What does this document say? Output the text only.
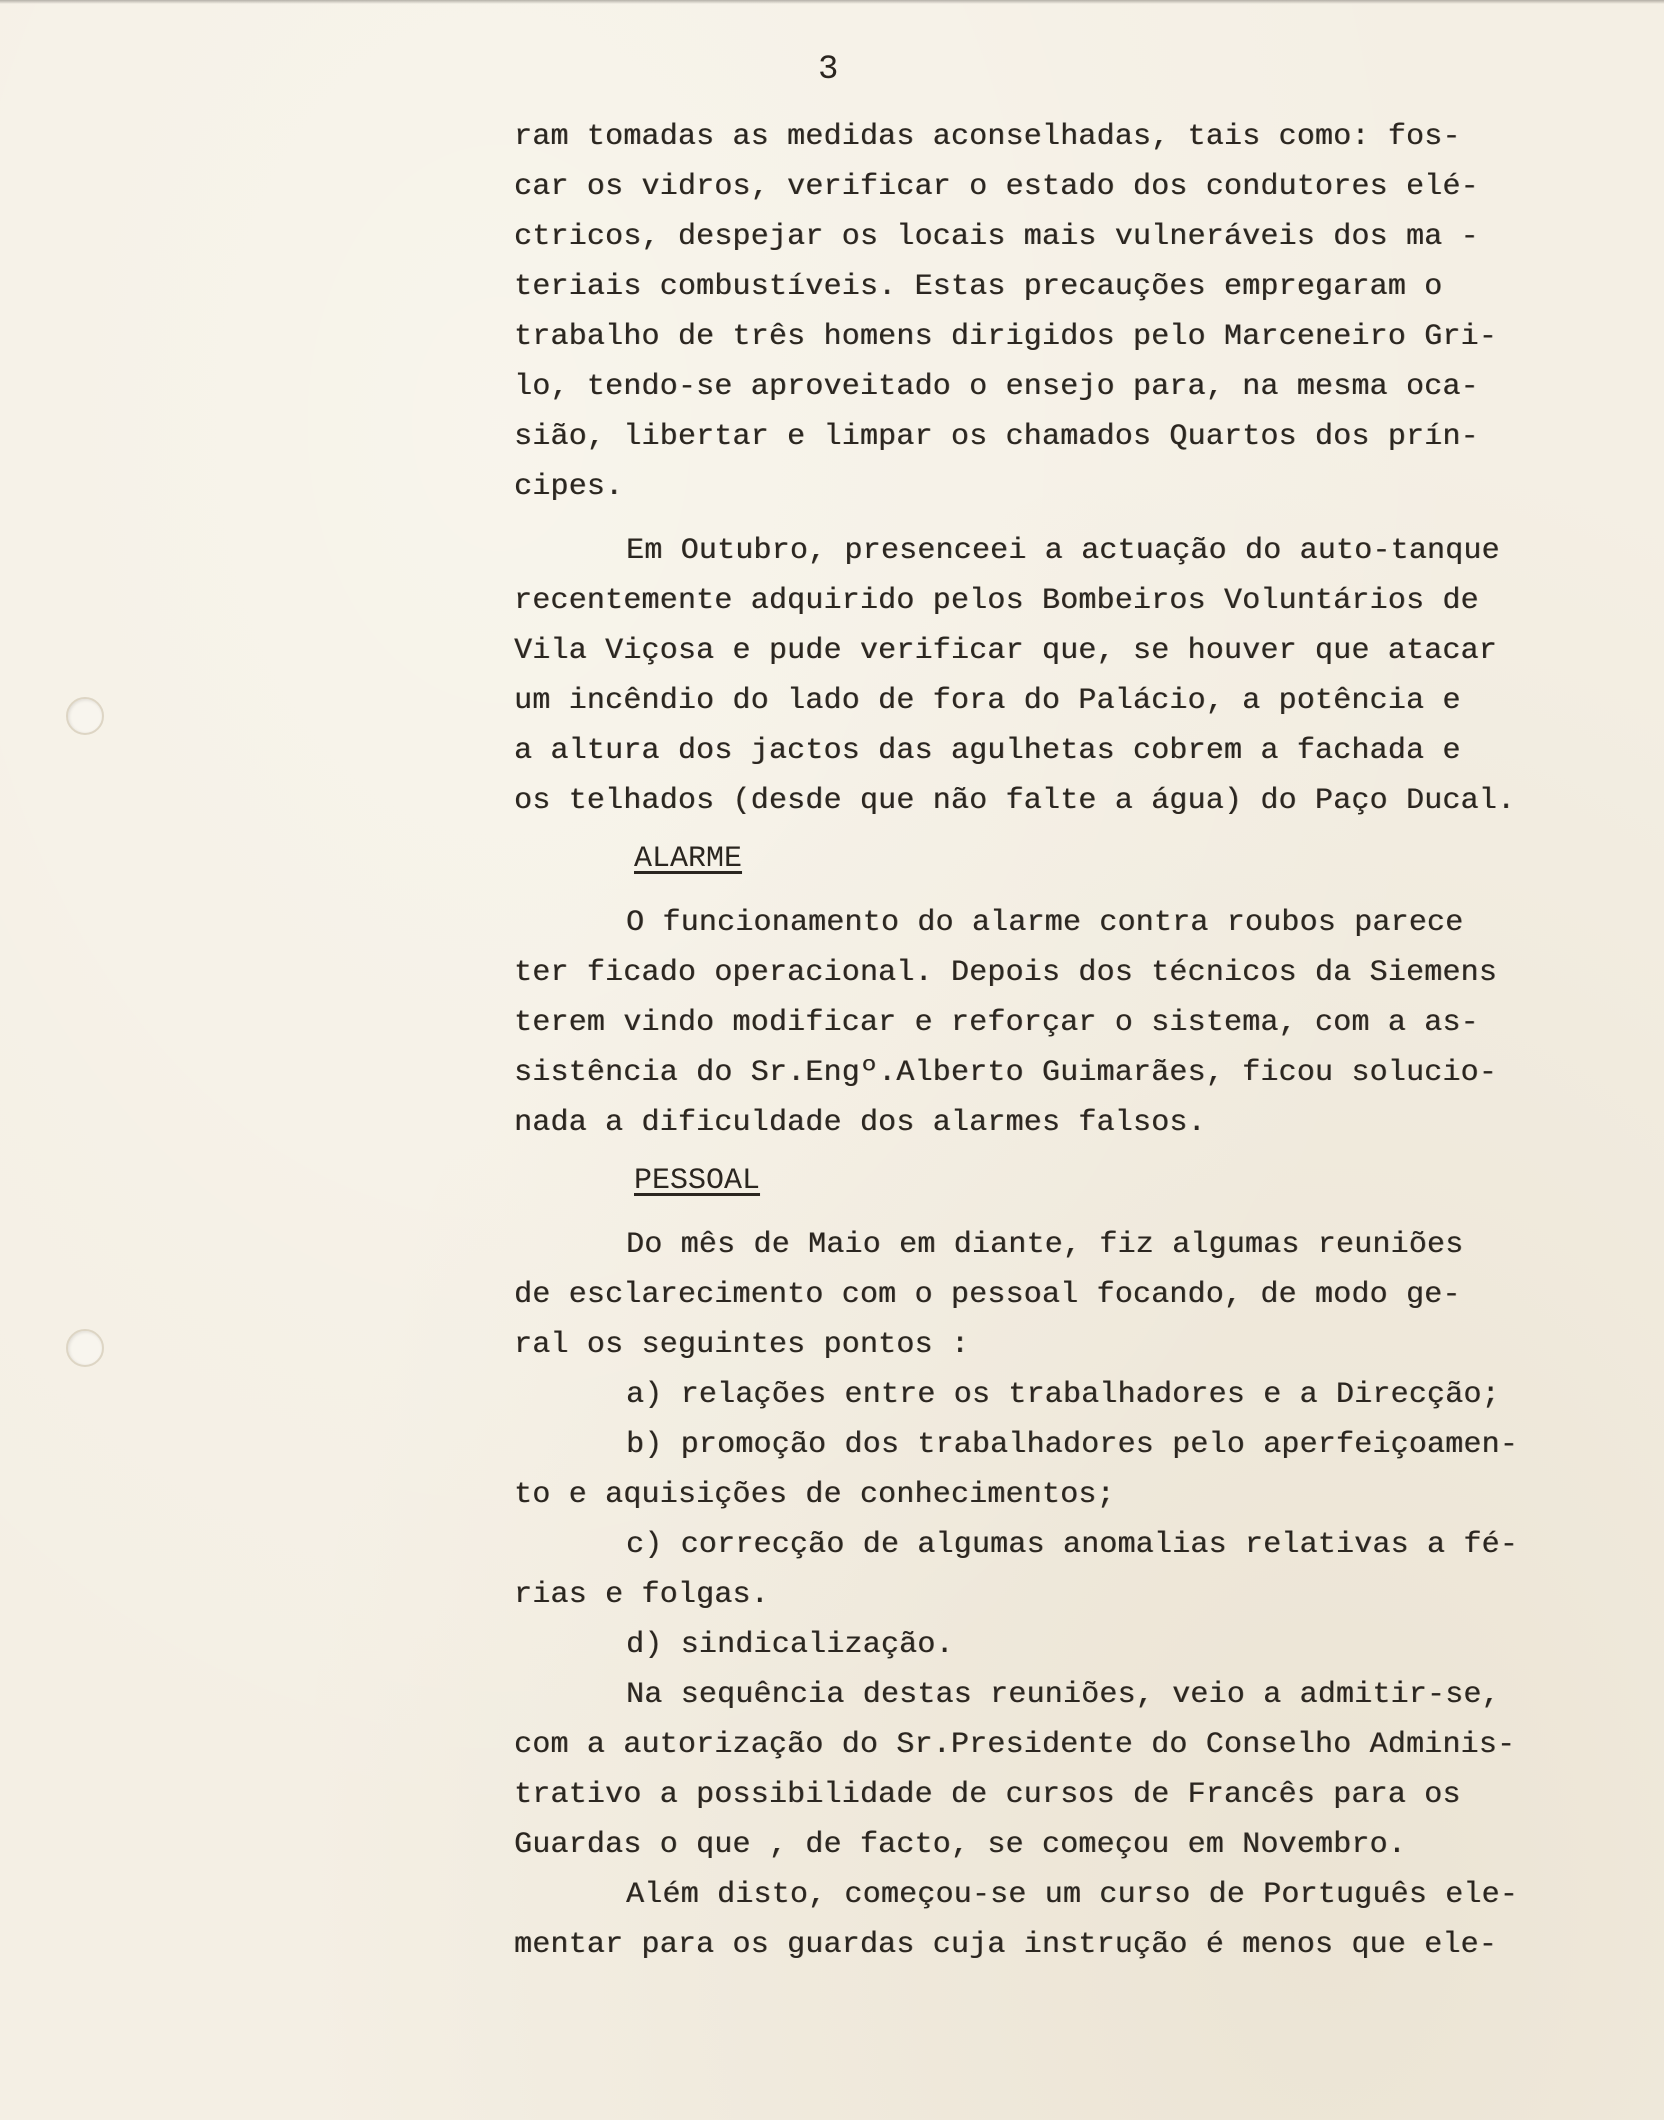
3
ram tomadas as medidas aconselhadas, tais como: fos-
car os vidros, verificar o estado dos condutores elé-
ctricos, despejar os locais mais vulneráveis dos ma -
teriais combustíveis. Estas precauções empregaram o
trabalho de três homens dirigidos pelo Marceneiro Gri-
lo, tendo-se aproveitado o ensejo para, na mesma oca-
sião, libertar e limpar os chamados Quartos dos prín-
cipes.
Em Outubro, presenceei a actuação do auto-tanque
recentemente adquirido pelos Bombeiros Voluntários de
Vila Viçosa e pude verificar que, se houver que atacar
um incêndio do lado de fora do Palácio, a potência e
a altura dos jactos das agulhetas cobrem a fachada e
os telhados (desde que não falte a água) do Paço Ducal.
ALARME
O funcionamento do alarme contra roubos parece
ter ficado operacional. Depois dos técnicos da Siemens
terem vindo modificar e reforçar o sistema, com a as-
sistência do Sr.Engº.Alberto Guimarães, ficou soluciо-
nada a dificuldade dos alarmes falsos.
PESSOAL
Do mês de Maio em diante, fiz algumas reuniões
de esclarecimento com o pessoal focando, de modo ge-
ral os seguintes pontos :
a) relações entre os trabalhadores e a Direcção;
b) promoção dos trabalhadores pelo aperfeiçoamen-
to e aquisições de conhecimentos;
c) correcção de algumas anomalias relativas a fé-
rias e folgas.
d) sindicalização.
Na sequência destas reuniões, veio a admitir-se,
com a autorização do Sr.Presidente do Conselho Adminis-
trativo a possibilidade de cursos de Francês para os
Guardas o que , de facto, se começou em Novembro.
Além disto, começou-se um curso de Português ele-
mentar para os guardas cuja instrução é menos que ele-
